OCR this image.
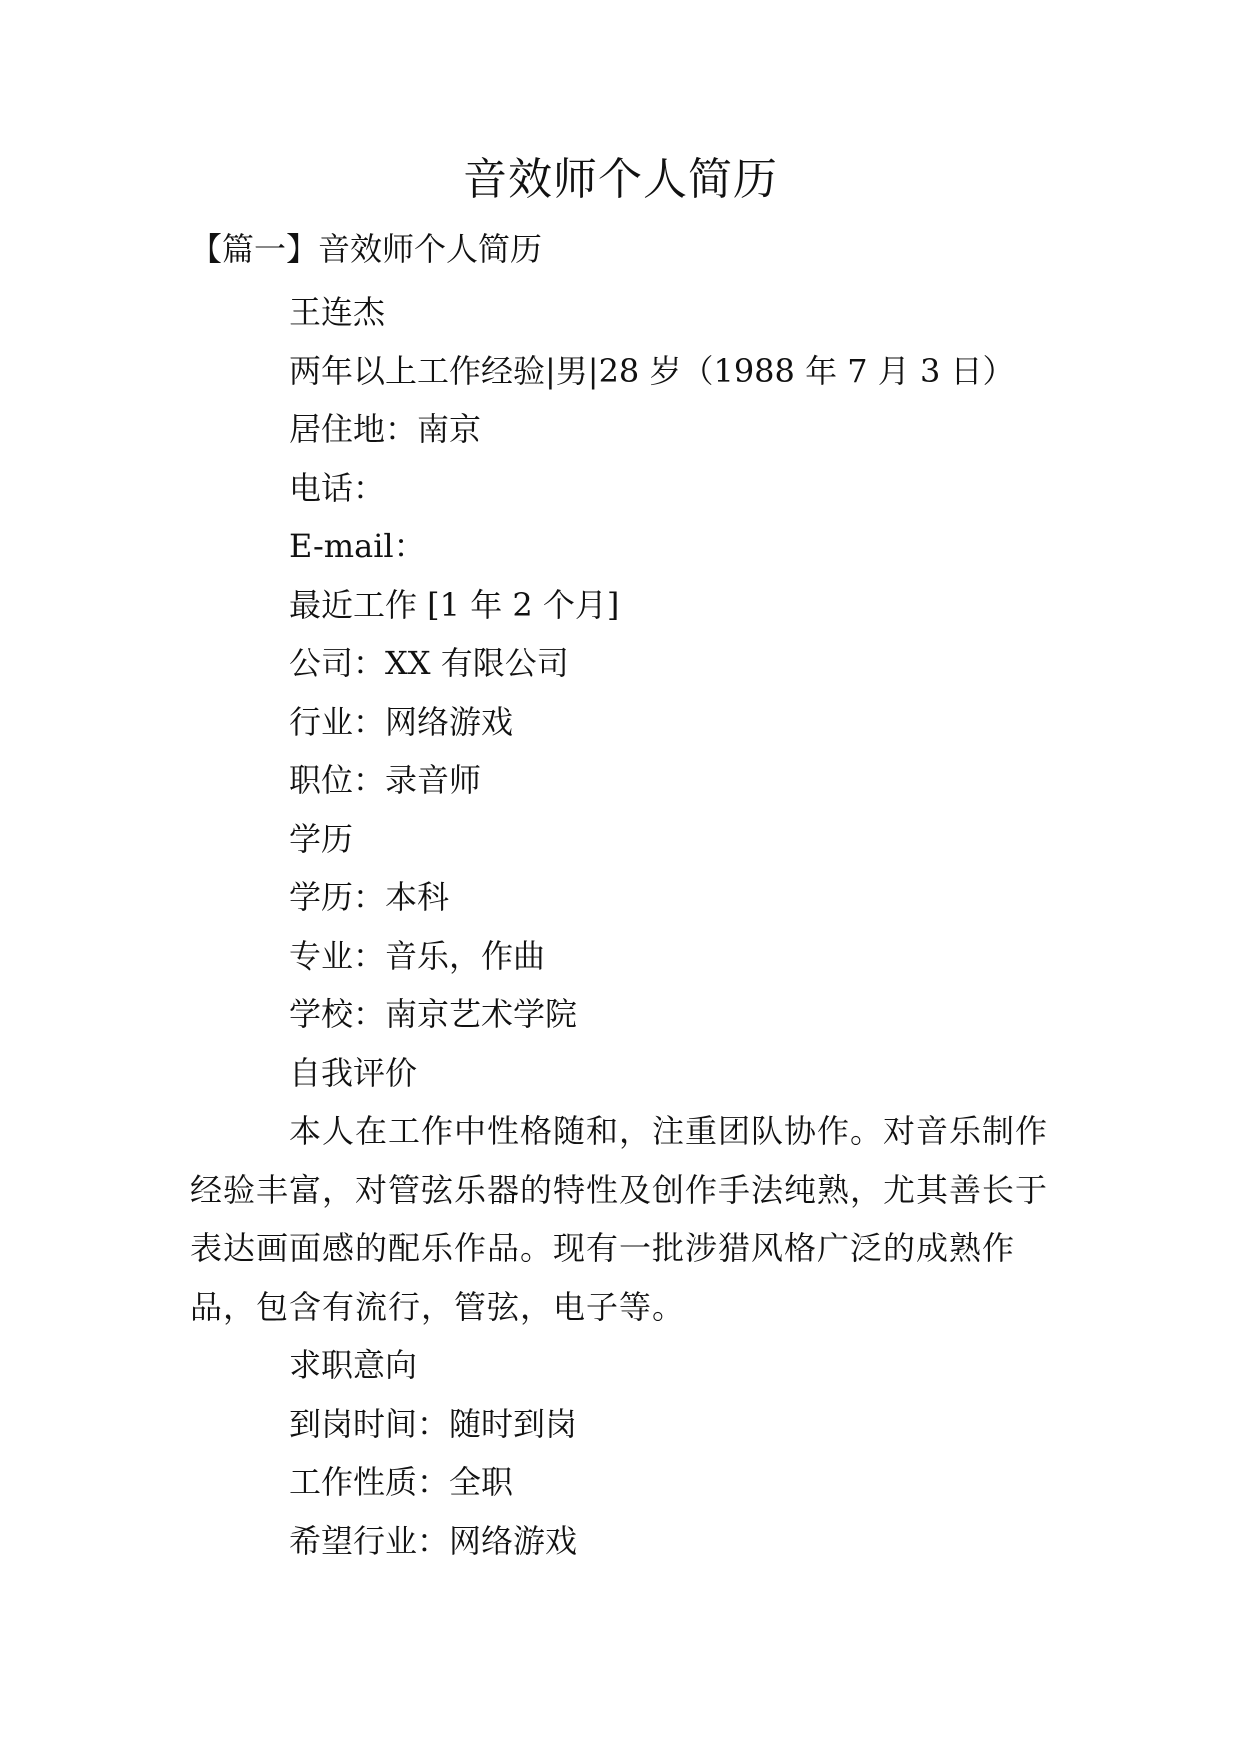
音效师个人简历
【篇一】音效师个人简历
王连杰
两年以上工作经验|男|28 岁（1988 年 7 月 3 日）
居住地：南京
电话：
E-mail：
最近工作 [1 年 2 个月]
公司：XX 有限公司
行业：网络游戏
职位：录音师
学历
学历：本科
专业：音乐，作曲
学校：南京艺术学院
自我评价

本人在工作中性格随和，注重团队协作。对音乐制作经验丰富，对管弦乐器的特性及创作手法纯熟，尤其善长于表达画面感的配乐作品。现有一批涉猎风格广泛的成熟作品，包含有流行，管弦，电子等。

求职意向
到岗时间：随时到岗
工作性质：全职
希望行业：网络游戏
